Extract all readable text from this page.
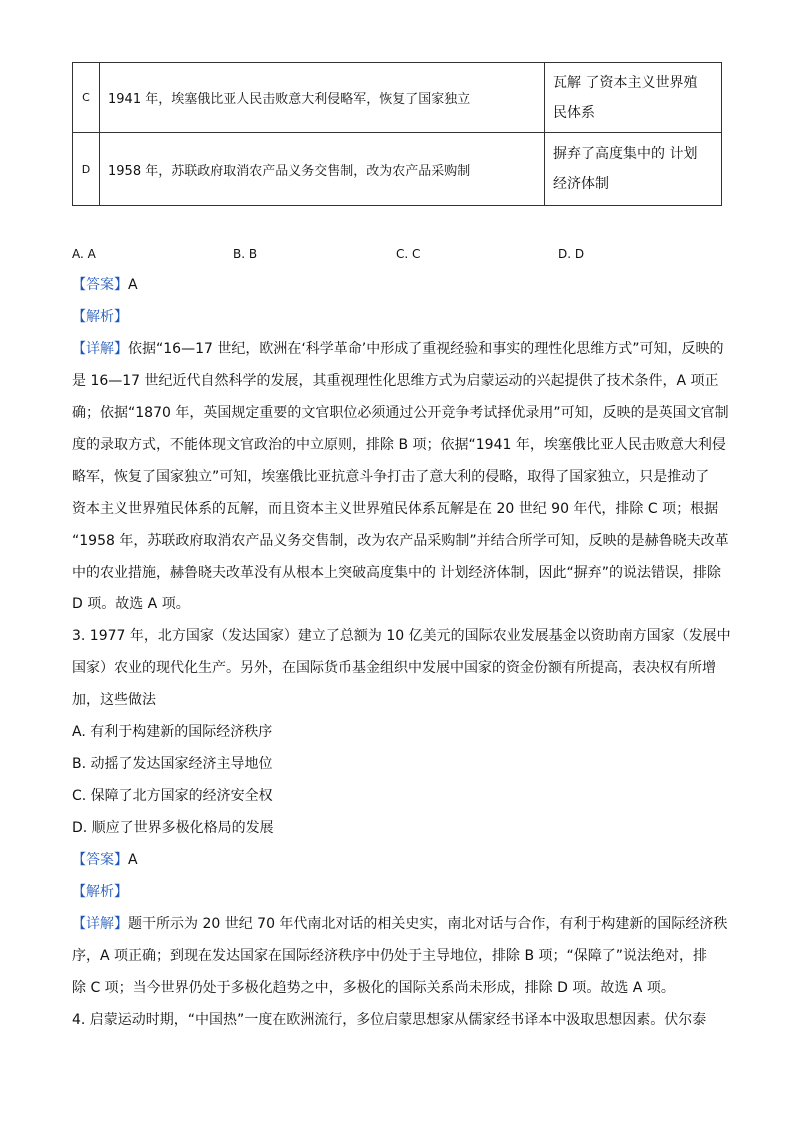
C	1941 年，埃塞俄比亚人民击败意大利侵略军，恢复了国家独立	瓦解 了资本主义世界殖
民体系

D	1958 年，苏联政府取消农产品义务交售制，改为农产品采购制	摒弃了高度集中的 计划
经济体制
A. A	B. B	C. C	D. D

【答案】A

【解析】

【详解】依据“16—17 世纪，欧洲在‘科学革命’中形成了重视经验和事实的理性化思维方式”可知，反映的

是 16—17 世纪近代自然科学的发展，其重视理性化思维方式为启蒙运动的兴起提供了技术条件，A 项正

确；依据“1870 年，英国规定重要的文官职位必须通过公开竞争考试择优录用”可知，反映的是英国文官制

度的录取方式，不能体现文官政治的中立原则，排除 B 项；依据“1941 年，埃塞俄比亚人民击败意大利侵

略军，恢复了国家独立”可知，埃塞俄比亚抗意斗争打击了意大利的侵略，取得了国家独立，只是推动了

资本主义世界殖民体系的瓦解，而且资本主义世界殖民体系瓦解是在 20 世纪 90 年代，排除 C 项；根据

“1958 年，苏联政府取消农产品义务交售制，改为农产品采购制”并结合所学可知，反映的是赫鲁晓夫改革

中的农业措施，赫鲁晓夫改革没有从根本上突破高度集中的 计划经济体制，因此“摒弃”的说法错误，排除

D 项。故选 A 项。

3. 1977 年，北方国家（发达国家）建立了总额为 10 亿美元的国际农业发展基金以资助南方国家（发展中

国家）农业的现代化生产。另外，在国际货币基金组织中发展中国家的资金份额有所提高，表决权有所增

加，这些做法

A. 有利于构建新的国际经济秩序

B. 动摇了发达国家经济主导地位

C. 保障了北方国家的经济安全权

D. 顺应了世界多极化格局的发展

【答案】A

【解析】

【详解】题干所示为 20 世纪 70 年代南北对话的相关史实，南北对话与合作，有利于构建新的国际经济秩

序，A 项正确；到现在发达国家在国际经济秩序中仍处于主导地位，排除 B 项；“保障了”说法绝对，排

除 C 项；当今世界仍处于多极化趋势之中，多极化的国际关系尚未形成，排除 D 项。故选 A 项。

4. 启蒙运动时期，“中国热”一度在欧洲流行，多位启蒙思想家从儒家经书译本中汲取思想因素。伏尔泰
